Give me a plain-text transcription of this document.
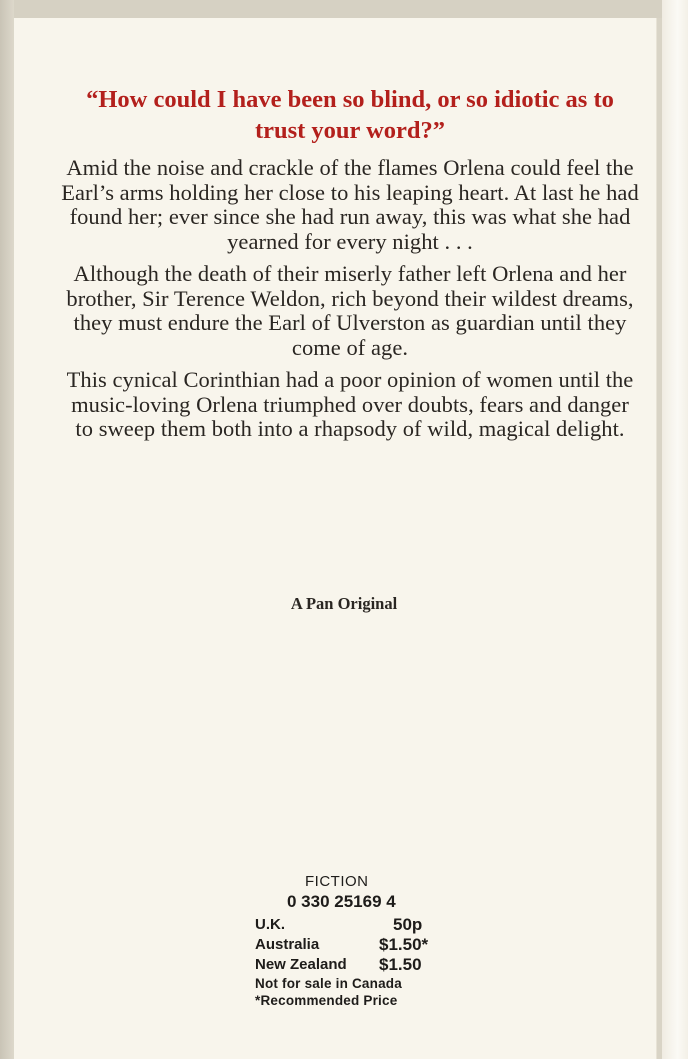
“How could I have been so blind, or so idiotic as to trust your word?”

Amid the noise and crackle of the flames Orlena could feel the Earl’s arms holding her close to his leaping heart. At last he had found her; ever since she had run away, this was what she had yearned for every night . . .

Although the death of their miserly father left Orlena and her brother, Sir Terence Weldon, rich beyond their wildest dreams, they must endure the Earl of Ulverston as guardian until they come of age.

This cynical Corinthian had a poor opinion of women until the music-loving Orlena triumphed over doubts, fears and danger to sweep them both into a rhapsody of wild, magical delight.

A Pan Original
FICTION
0 330 25169 4
U.K.	50p
Australia	$1.50*
New Zealand	$1.50
Not for sale in Canada
*Recommended Price
